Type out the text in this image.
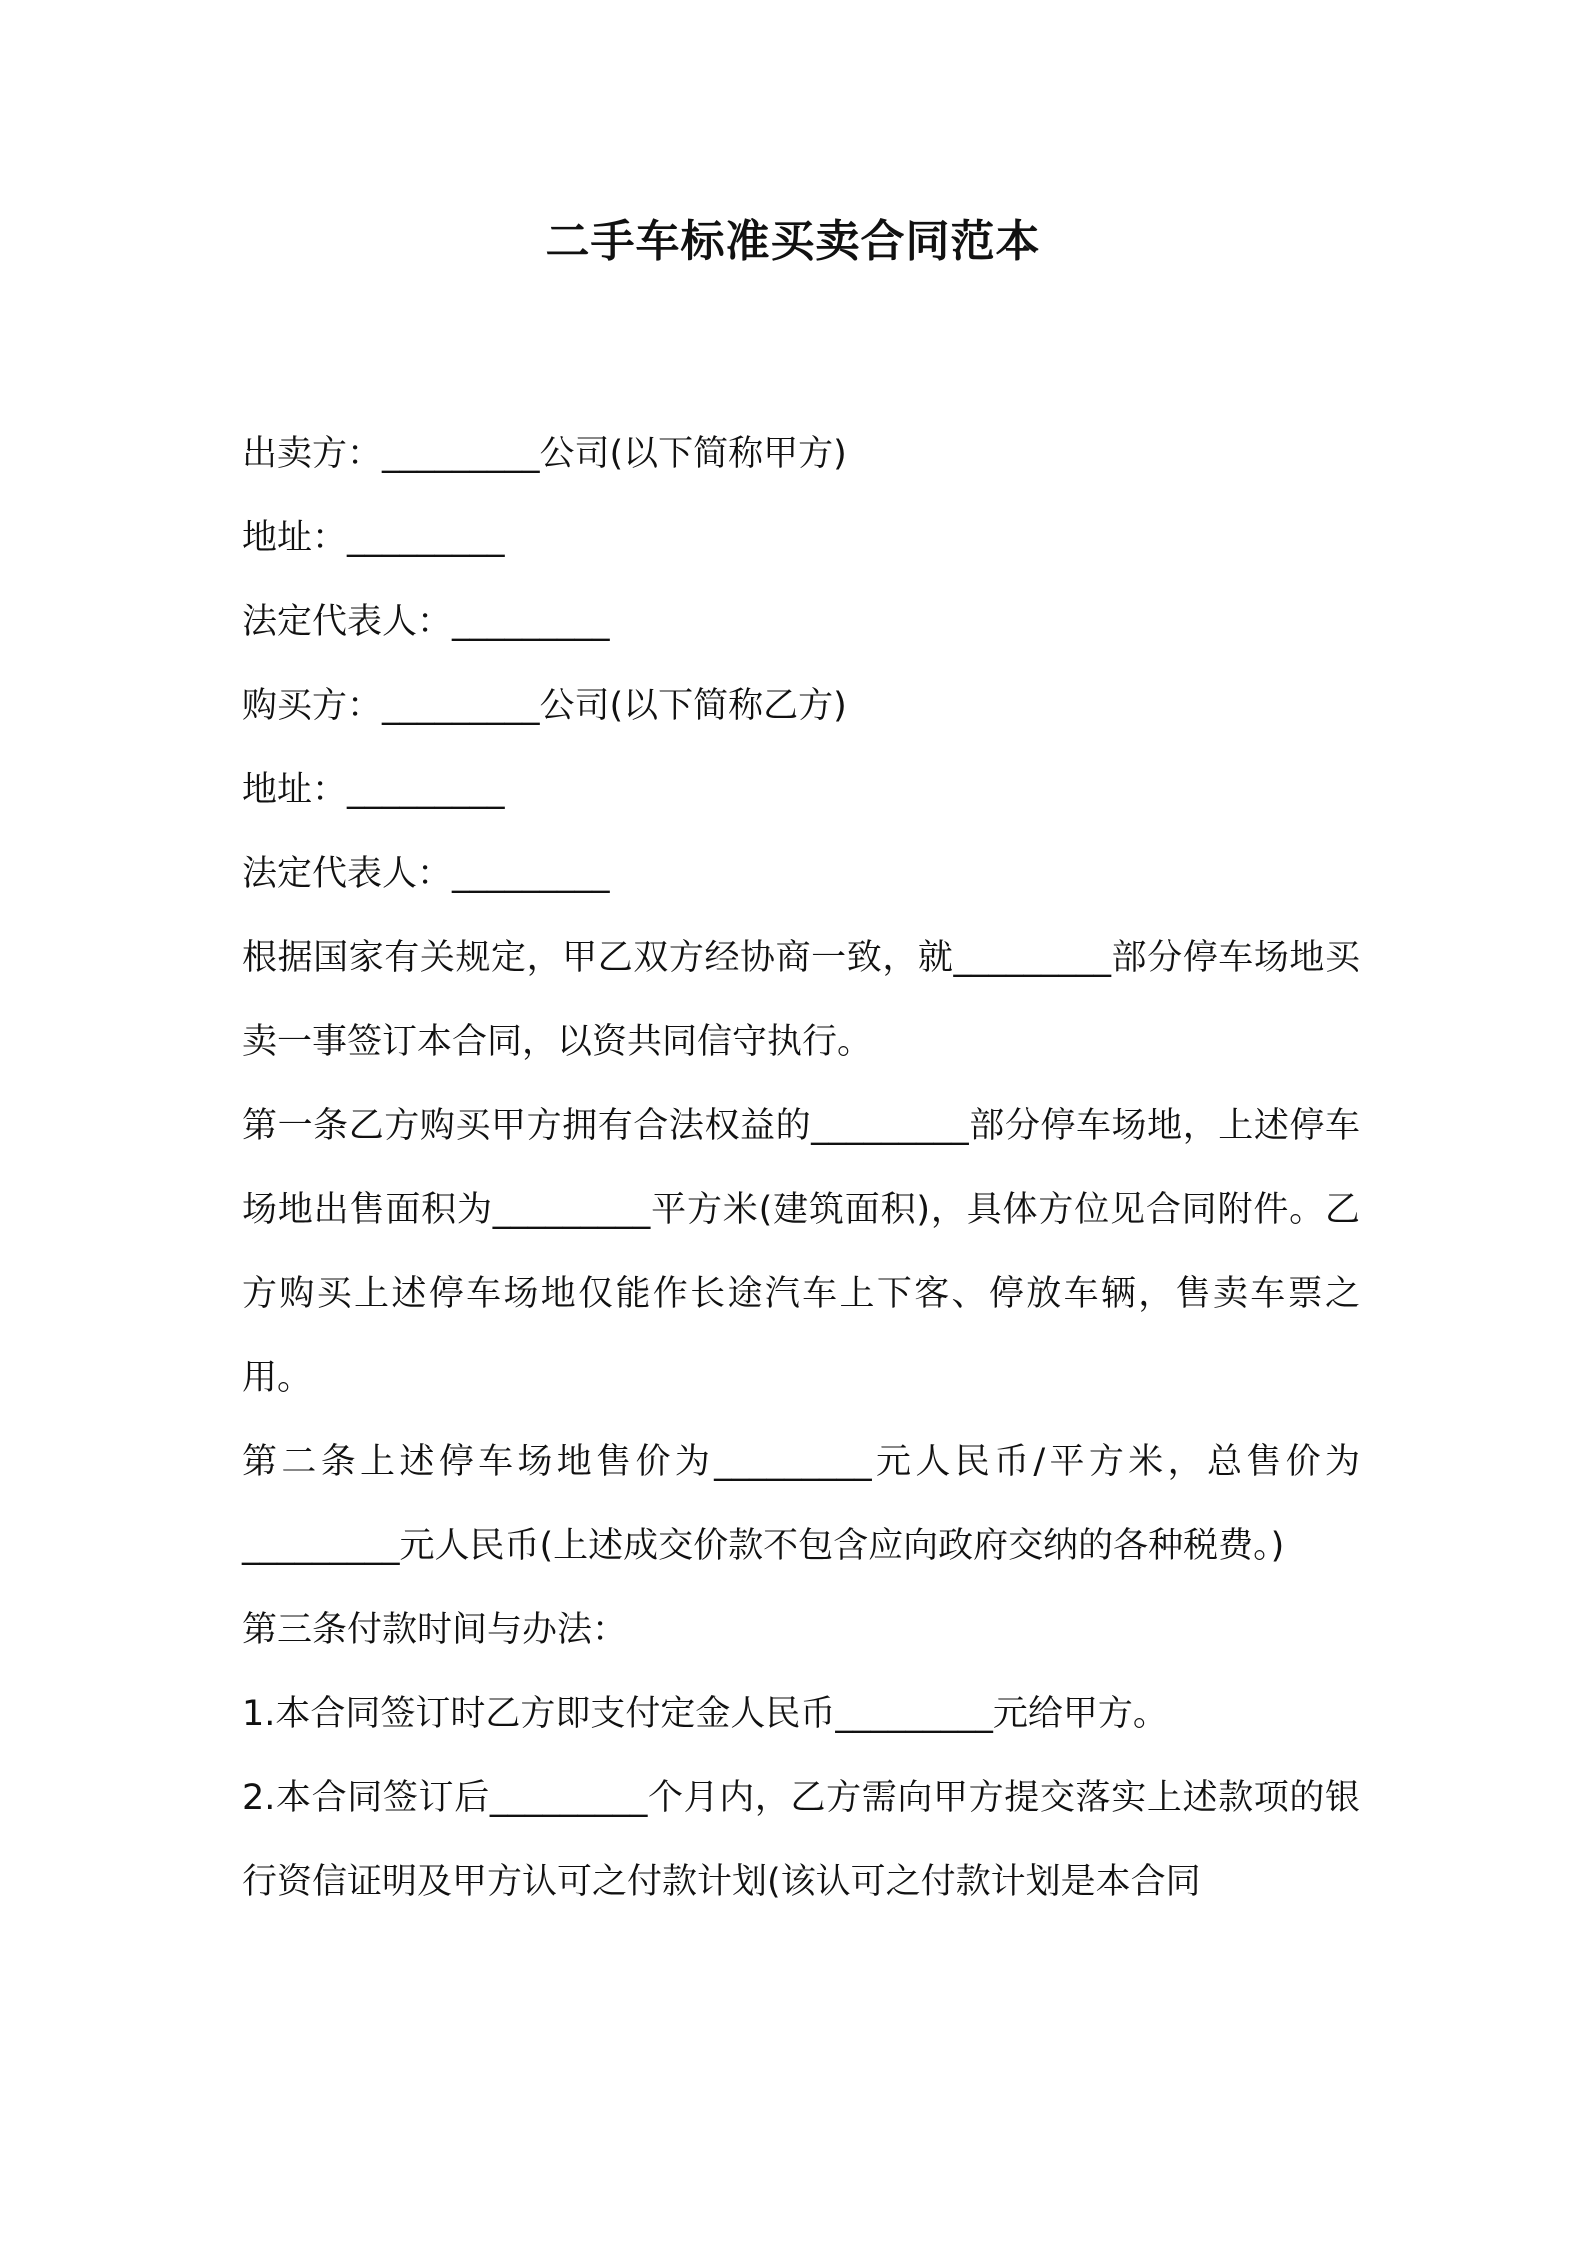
二手车标准买卖合同范本

出卖方：_________公司(以下简称甲方)

地址：_________

法定代表人：_________

购买方：_________公司(以下简称乙方)

地址：_________

法定代表人：_________

根据国家有关规定，甲乙双方经协商一致，就_________部分停车场地买卖一事签订本合同，以资共同信守执行。

第一条乙方购买甲方拥有合法权益的_________部分停车场地，上述停车场地出售面积为_________平方米(建筑面积)，具体方位见合同附件。乙方购买上述停车场地仅能作长途汽车上下客、停放车辆，售卖车票之用。

第二条上述停车场地售价为_________元人民币/平方米，总售价为_________元人民币(上述成交价款不包含应向政府交纳的各种税费。)

第三条付款时间与办法：

1.本合同签订时乙方即支付定金人民币_________元给甲方。

2.本合同签订后_________个月内，乙方需向甲方提交落实上述款项的银行资信证明及甲方认可之付款计划(该认可之付款计划是本合同
